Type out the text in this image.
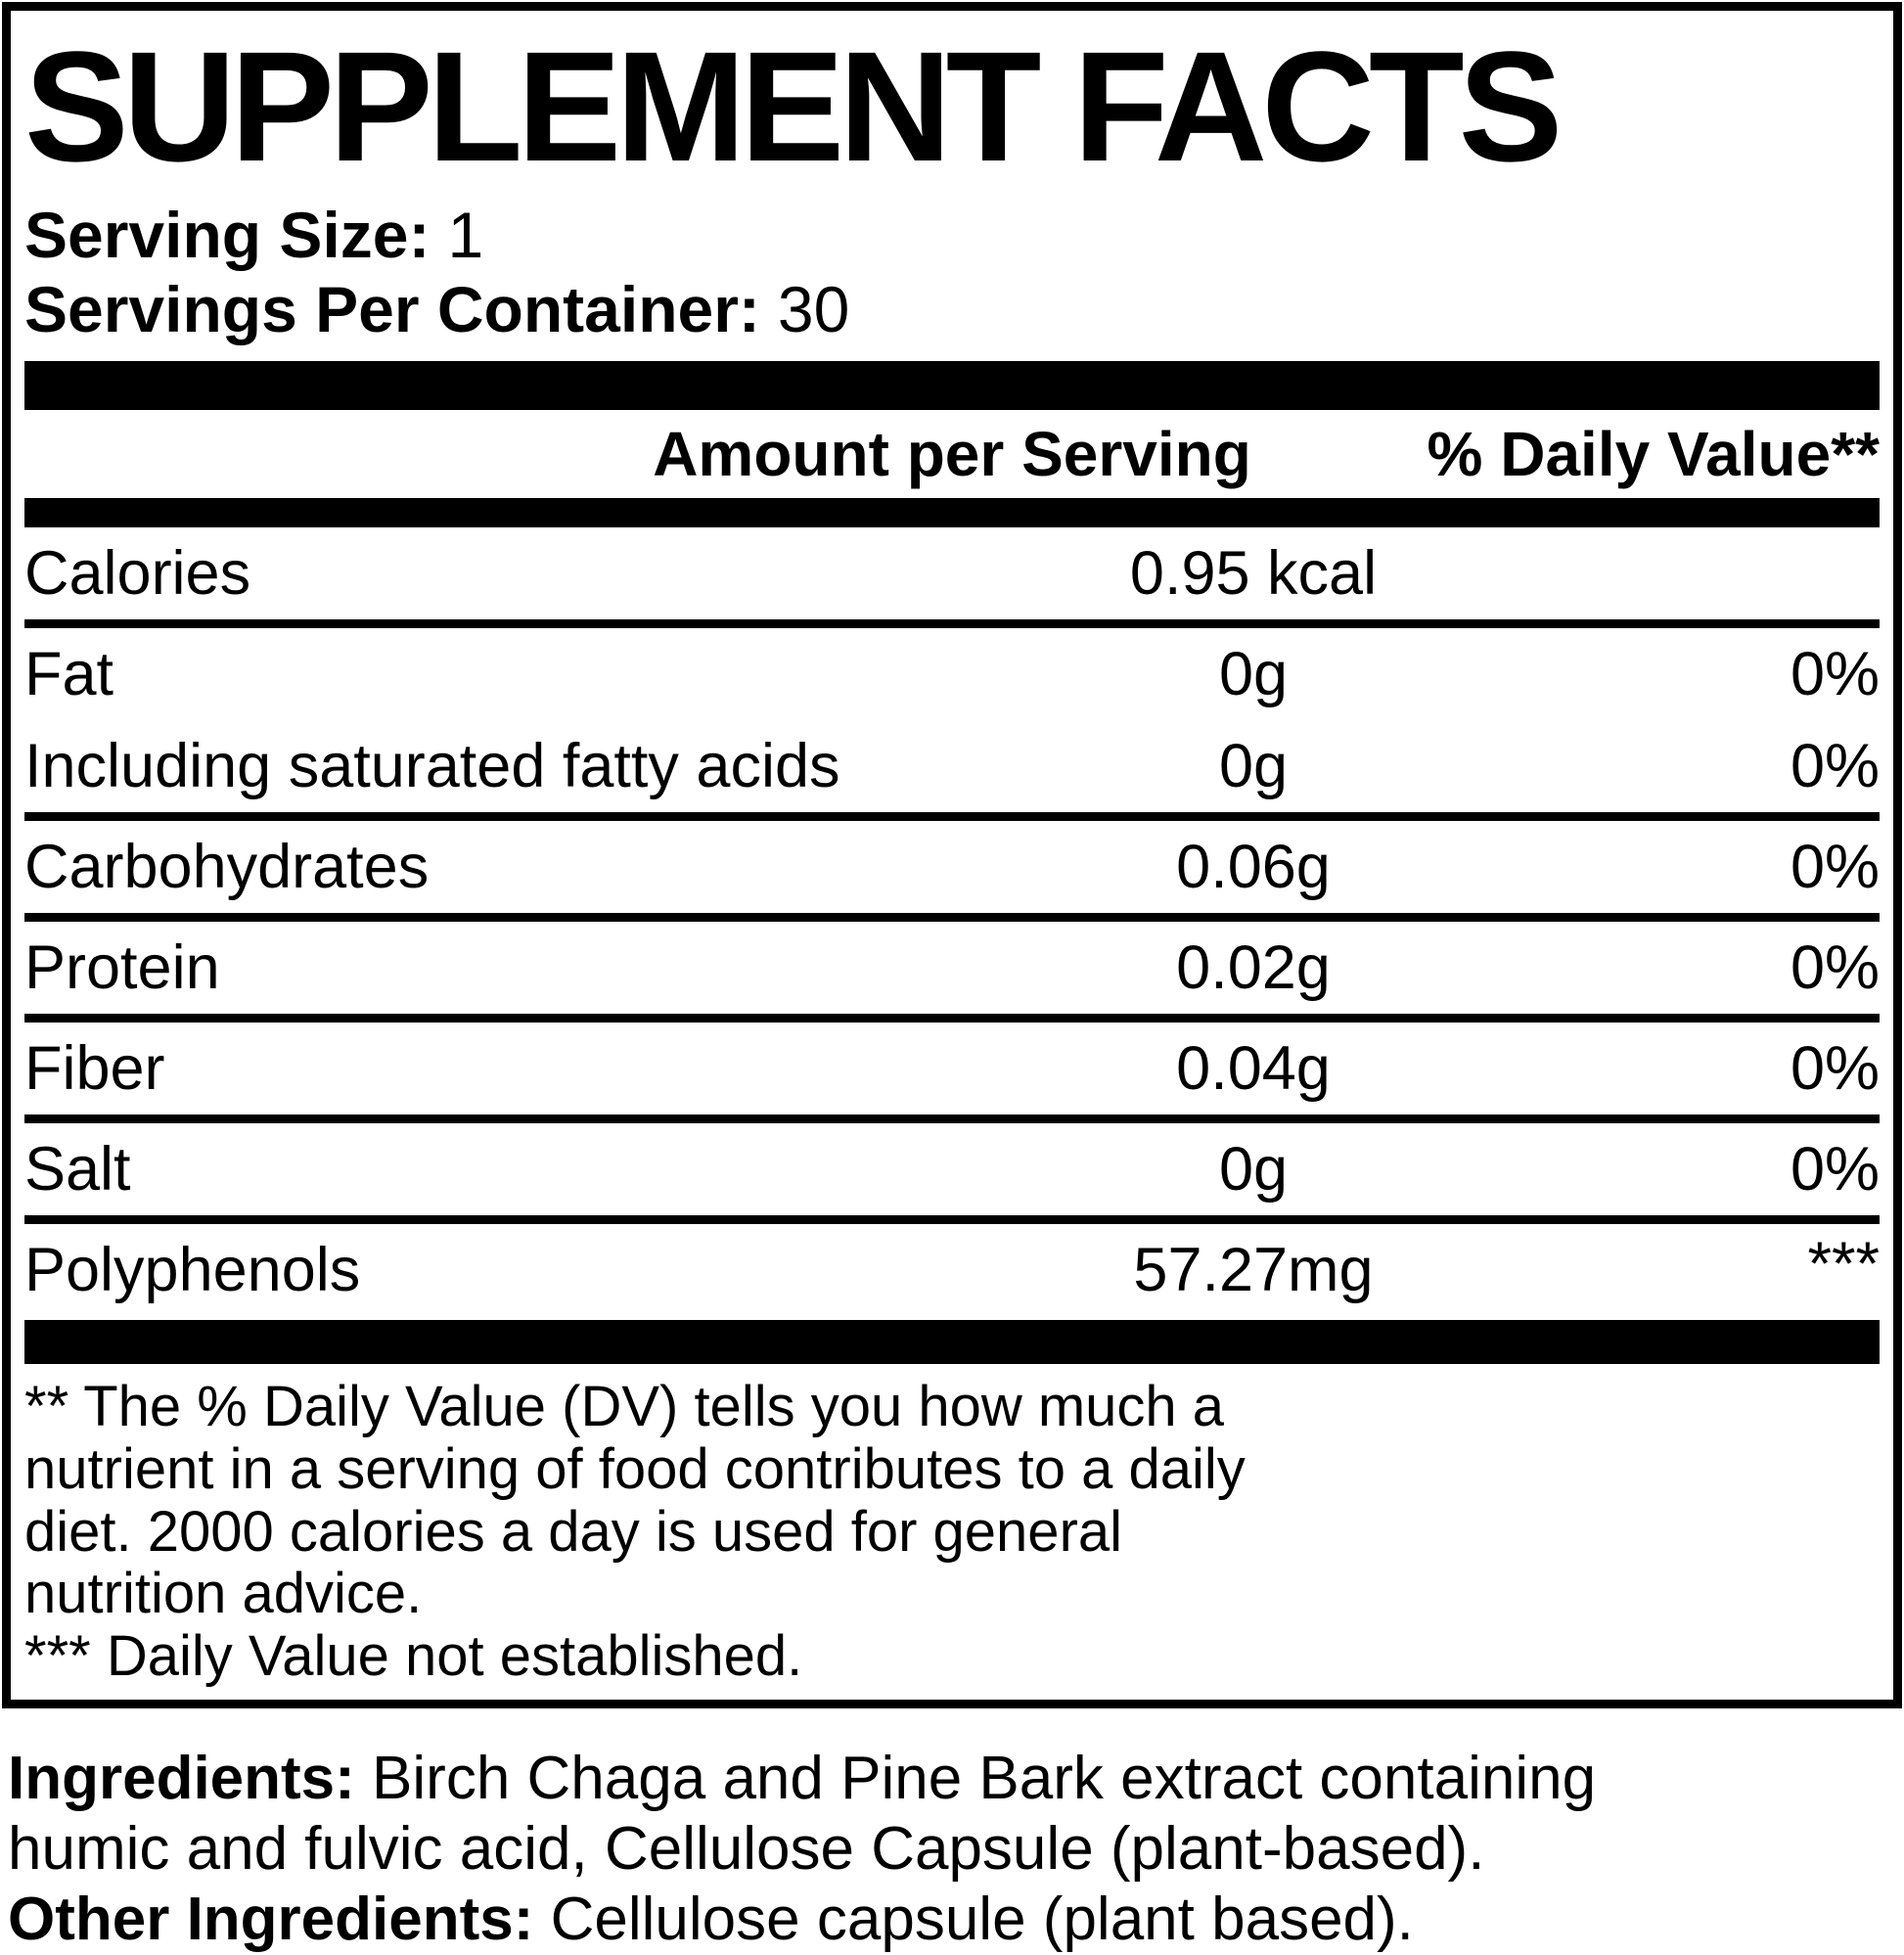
SUPPLEMENT FACTS
Serving Size: 1
Servings Per Container: 30
Amount per Serving	% Daily Value**
Calories	0.95 kcal
Fat	0g	0%
Including saturated fatty acids	0g	0%
Carbohydrates	0.06g	0%
Protein	0.02g	0%
Fiber	0.04g	0%
Salt	0g	0%
Polyphenols	57.27mg	***
** The % Daily Value (DV) tells you how much a
nutrient in a serving of food contributes to a daily
diet. 2000 calories a day is used for general
nutrition advice.
*** Daily Value not established.
Ingredients: Birch Chaga and Pine Bark extract containing
humic and fulvic acid, Cellulose Capsule (plant-based).
Other Ingredients: Cellulose capsule (plant based).
